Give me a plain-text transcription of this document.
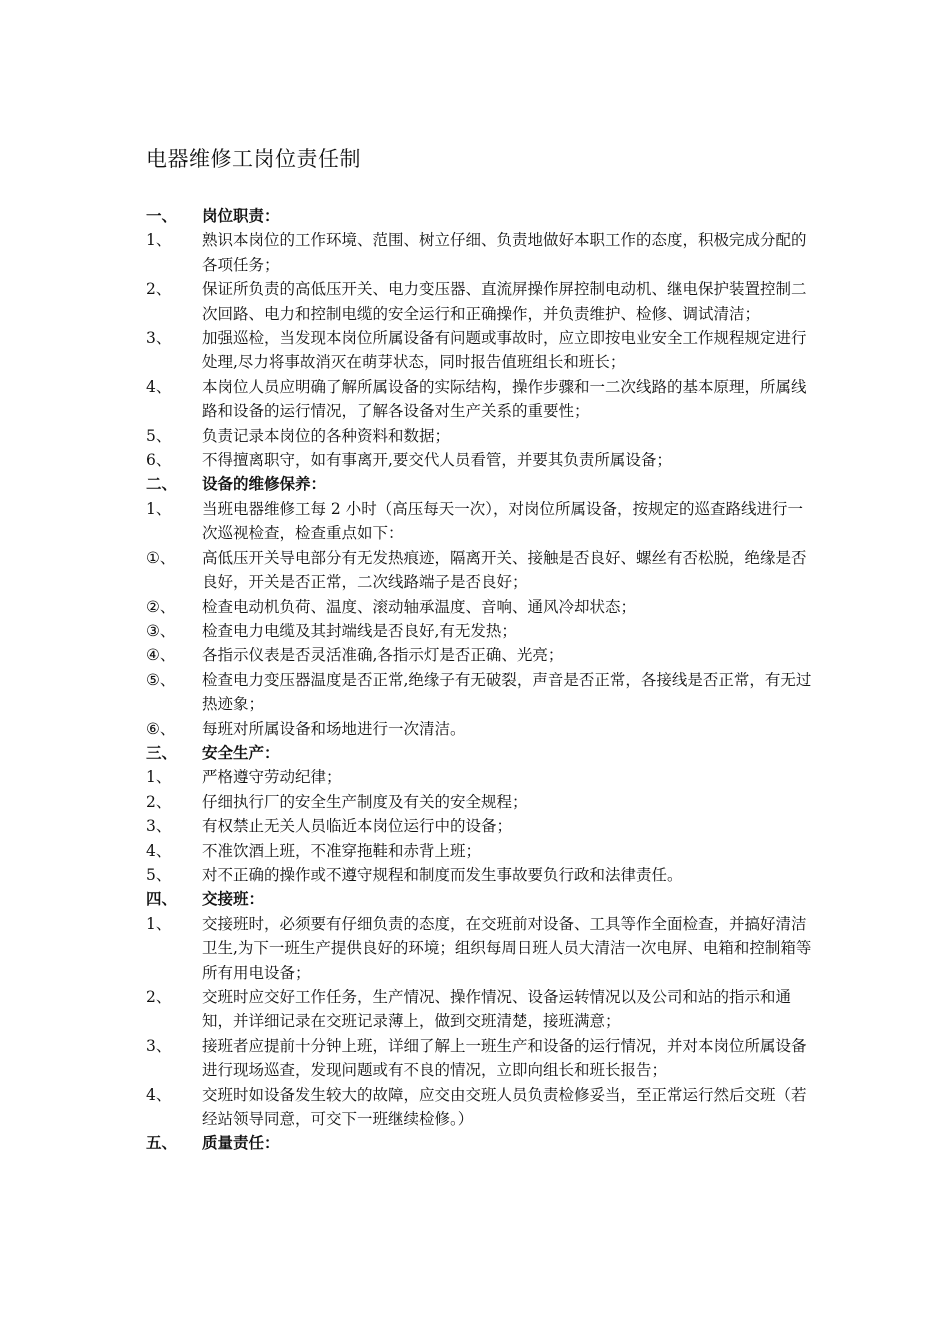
电器维修工岗位责任制
一、	岗位职责：
1、	熟识本岗位的工作环境、范围、树立仔细、负责地做好本职工作的态度，积极完成分配的各项任务；
2、	保证所负责的高低压开关、电力变压器、直流屏操作屏控制电动机、继电保护装置控制二次回路、电力和控制电缆的安全运行和正确操作，并负责维护、检修、调试清洁；
3、	加强巡检，当发现本岗位所属设备有问题或事故时，应立即按电业安全工作规程规定进行处理,尽力将事故消灭在萌芽状态，同时报告值班组长和班长；
4、	本岗位人员应明确了解所属设备的实际结构，操作步骤和一二次线路的基本原理，所属线路和设备的运行情况，了解各设备对生产关系的重要性；
5、	负责记录本岗位的各种资料和数据；
6、	不得擅离职守，如有事离开,要交代人员看管，并要其负责所属设备；
二、	设备的维修保养：
1、	当班电器维修工每 2 小时（高压每天一次），对岗位所属设备，按规定的巡查路线进行一次巡视检查，检查重点如下：
①、	高低压开关导电部分有无发热痕迹，隔离开关、接触是否良好、螺丝有否松脱，绝缘是否良好，开关是否正常，二次线路端子是否良好；
②、	检查电动机负荷、温度、滚动轴承温度、音响、通风冷却状态；
③、	检查电力电缆及其封端线是否良好,有无发热；
④、	各指示仪表是否灵活准确,各指示灯是否正确、光亮；
⑤、	检查电力变压器温度是否正常,绝缘子有无破裂，声音是否正常，各接线是否正常，有无过热迹象；
⑥、	每班对所属设备和场地进行一次清洁。
三、	安全生产：
1、	严格遵守劳动纪律；
2、	仔细执行厂的安全生产制度及有关的安全规程；
3、	有权禁止无关人员临近本岗位运行中的设备；
4、	不准饮酒上班，不准穿拖鞋和赤背上班；
5、	对不正确的操作或不遵守规程和制度而发生事故要负行政和法律责任。
四、	交接班：
1、	交接班时，必须要有仔细负责的态度，在交班前对设备、工具等作全面检查，并搞好清洁卫生,为下一班生产提供良好的环境；组织每周日班人员大清洁一次电屏、电箱和控制箱等所有用电设备；
2、	交班时应交好工作任务，生产情况、操作情况、设备运转情况以及公司和站的指示和通知，并详细记录在交班记录薄上，做到交班清楚，接班满意；
3、	接班者应提前十分钟上班，详细了解上一班生产和设备的运行情况，并对本岗位所属设备进行现场巡查，发现问题或有不良的情况，立即向组长和班长报告；
4、	交班时如设备发生较大的故障，应交由交班人员负责检修妥当，至正常运行然后交班（若经站领导同意，可交下一班继续检修。）
五、	质量责任：
